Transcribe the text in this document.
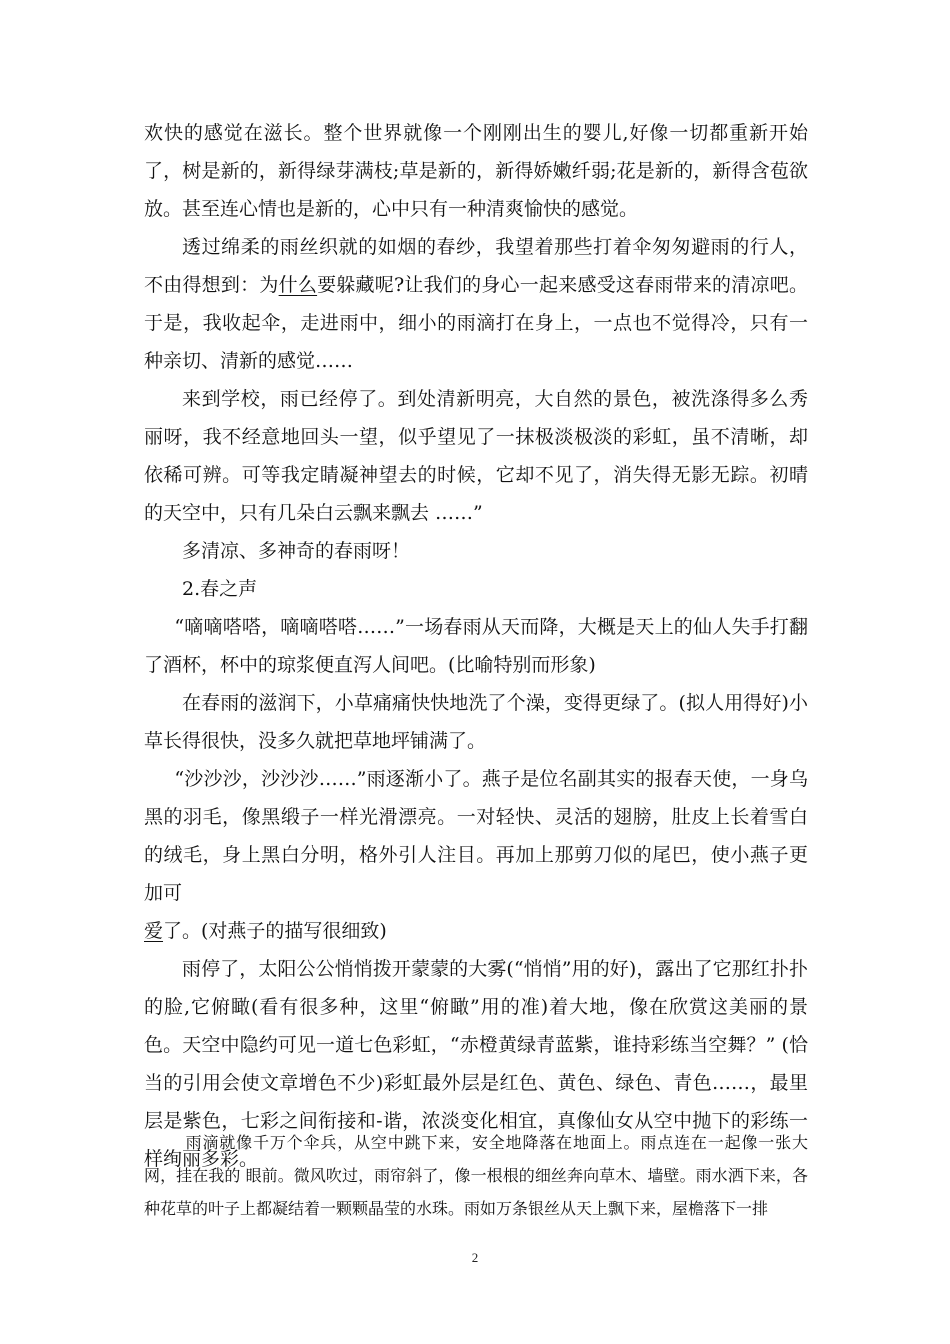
欢快的感觉在滋长。整个世界就像一个刚刚出生的婴儿,好像一切都重新开始了，树是新的，新得绿芽满枝;草是新的，新得娇嫩纤弱;花是新的，新得含苞欲放。甚至连心情也是新的，心中只有一种清爽愉快的感觉。

透过绵柔的雨丝织就的如烟的春纱，我望着那些打着伞匆匆避雨的行人，不由得想到：为什么要躲藏呢?让我们的身心一起来感受这春雨带来的清凉吧。于是，我收起伞，走进雨中，细小的雨滴打在身上，一点也不觉得冷，只有一种亲切、清新的感觉……

来到学校，雨已经停了。到处清新明亮，大自然的景色，被洗涤得多么秀丽呀，我不经意地回头一望，似乎望见了一抹极淡极淡的彩虹，虽不清晰，却依稀可辨。可等我定睛凝神望去的时候，它却不见了，消失得无影无踪。初晴的天空中，只有几朵白云飘来飘去 ……”

多清凉、多神奇的春雨呀！

2.春之声

“嘀嘀嗒嗒，嘀嘀嗒嗒……”一场春雨从天而降，大概是天上的仙人失手打翻了酒杯，杯中的琼浆便直泻人间吧。(比喻特别而形象)

在春雨的滋润下，小草痛痛快快地洗了个澡，变得更绿了。(拟人用得好)小草长得很快，没多久就把草地坪铺满了。

“沙沙沙，沙沙沙……”雨逐渐小了。燕子是位名副其实的报春天使，一身乌黑的羽毛，像黑缎子一样光滑漂亮。一对轻快、灵活的翅膀，肚皮上长着雪白的绒毛，身上黑白分明，格外引人注目。再加上那剪刀似的尾巴，使小燕子更加可
爱了。(对燕子的描写很细致)

雨停了，太阳公公悄悄拨开蒙蒙的大雾(“悄悄”用的好)，露出了它那红扑扑的脸,它俯瞰(看有很多种，这里“俯瞰”用的准)着大地，像在欣赏这美丽的景色。天空中隐约可见一道七色彩虹，“赤橙黄绿青蓝紫，谁持彩练当空舞？” (恰当的引用会使文章增色不少)彩虹最外层是红色、黄色、绿色、青色……，最里层是紫色，七彩之间衔接和-谐，浓淡变化相宜，真像仙女从空中抛下的彩练一样绚丽多彩。

雨滴就像千万个伞兵，从空中跳下来，安全地降落在地面上。雨点连在一起像一张大网，挂在我的 眼前。微风吹过，雨帘斜了，像一根根的细丝奔向草木、墙壁。雨水洒下来，各种花草的叶子上都凝结着一颗颗晶莹的水珠。雨如万条银丝从天上飘下来，屋檐落下一排

2
